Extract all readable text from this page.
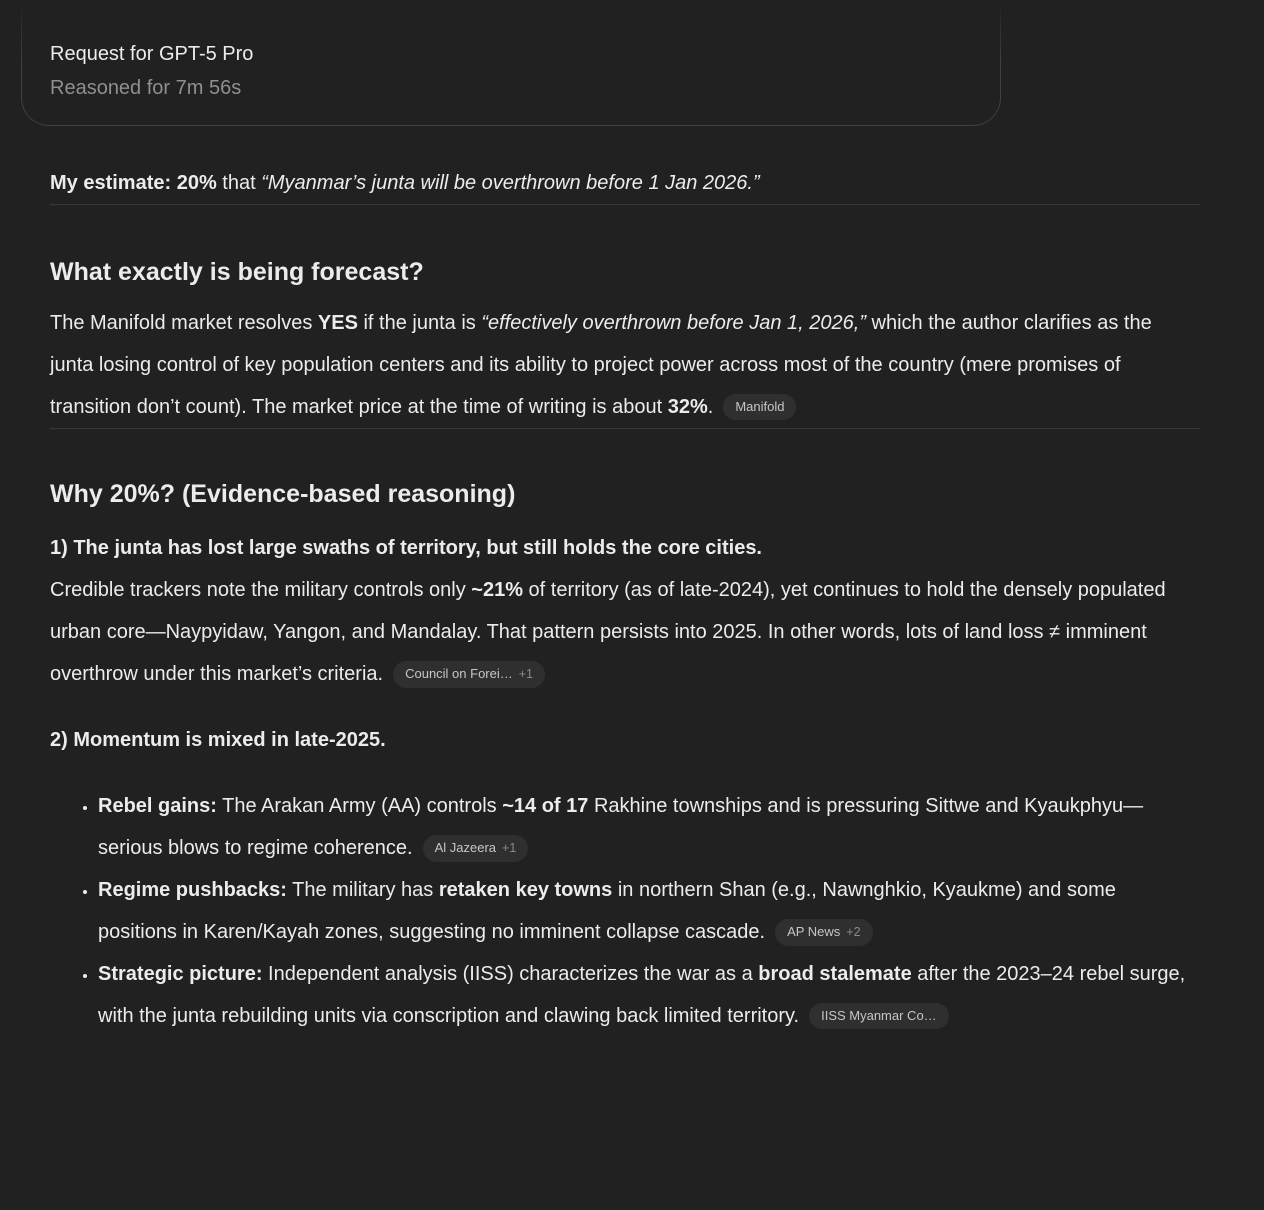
Request for GPT-5 Pro
Reasoned for 7m 56s

My estimate: 20% that “Myanmar’s junta will be overthrown before 1 Jan 2026.”

What exactly is being forecast?

The Manifold market resolves YES if the junta is “effectively overthrown before Jan 1, 2026,” which the author clarifies as the junta losing control of key population centers and its ability to project power across most of the country (mere promises of transition don’t count). The market price at the time of writing is about 32%. Manifold

Why 20%? (Evidence-based reasoning)

1) The junta has lost large swaths of territory, but still holds the core cities.
Credible trackers note the military controls only ~21% of territory (as of late-2024), yet continues to hold the densely populated urban core—Naypyidaw, Yangon, and Mandalay. That pattern persists into 2025. In other words, lots of land loss ≠ imminent overthrow under this market’s criteria. Council on Forei… +1

2) Momentum is mixed in late-2025.

• Rebel gains: The Arakan Army (AA) controls ~14 of 17 Rakhine townships and is pressuring Sittwe and Kyaukphyu—serious blows to regime coherence. Al Jazeera +1
• Regime pushbacks: The military has retaken key towns in northern Shan (e.g., Nawnghkio, Kyaukme) and some positions in Karen/Kayah zones, suggesting no imminent collapse cascade. AP News +2
• Strategic picture: Independent analysis (IISS) characterizes the war as a broad stalemate after the 2023–24 rebel surge, with the junta rebuilding units via conscription and clawing back limited territory. IISS Myanmar Co…
